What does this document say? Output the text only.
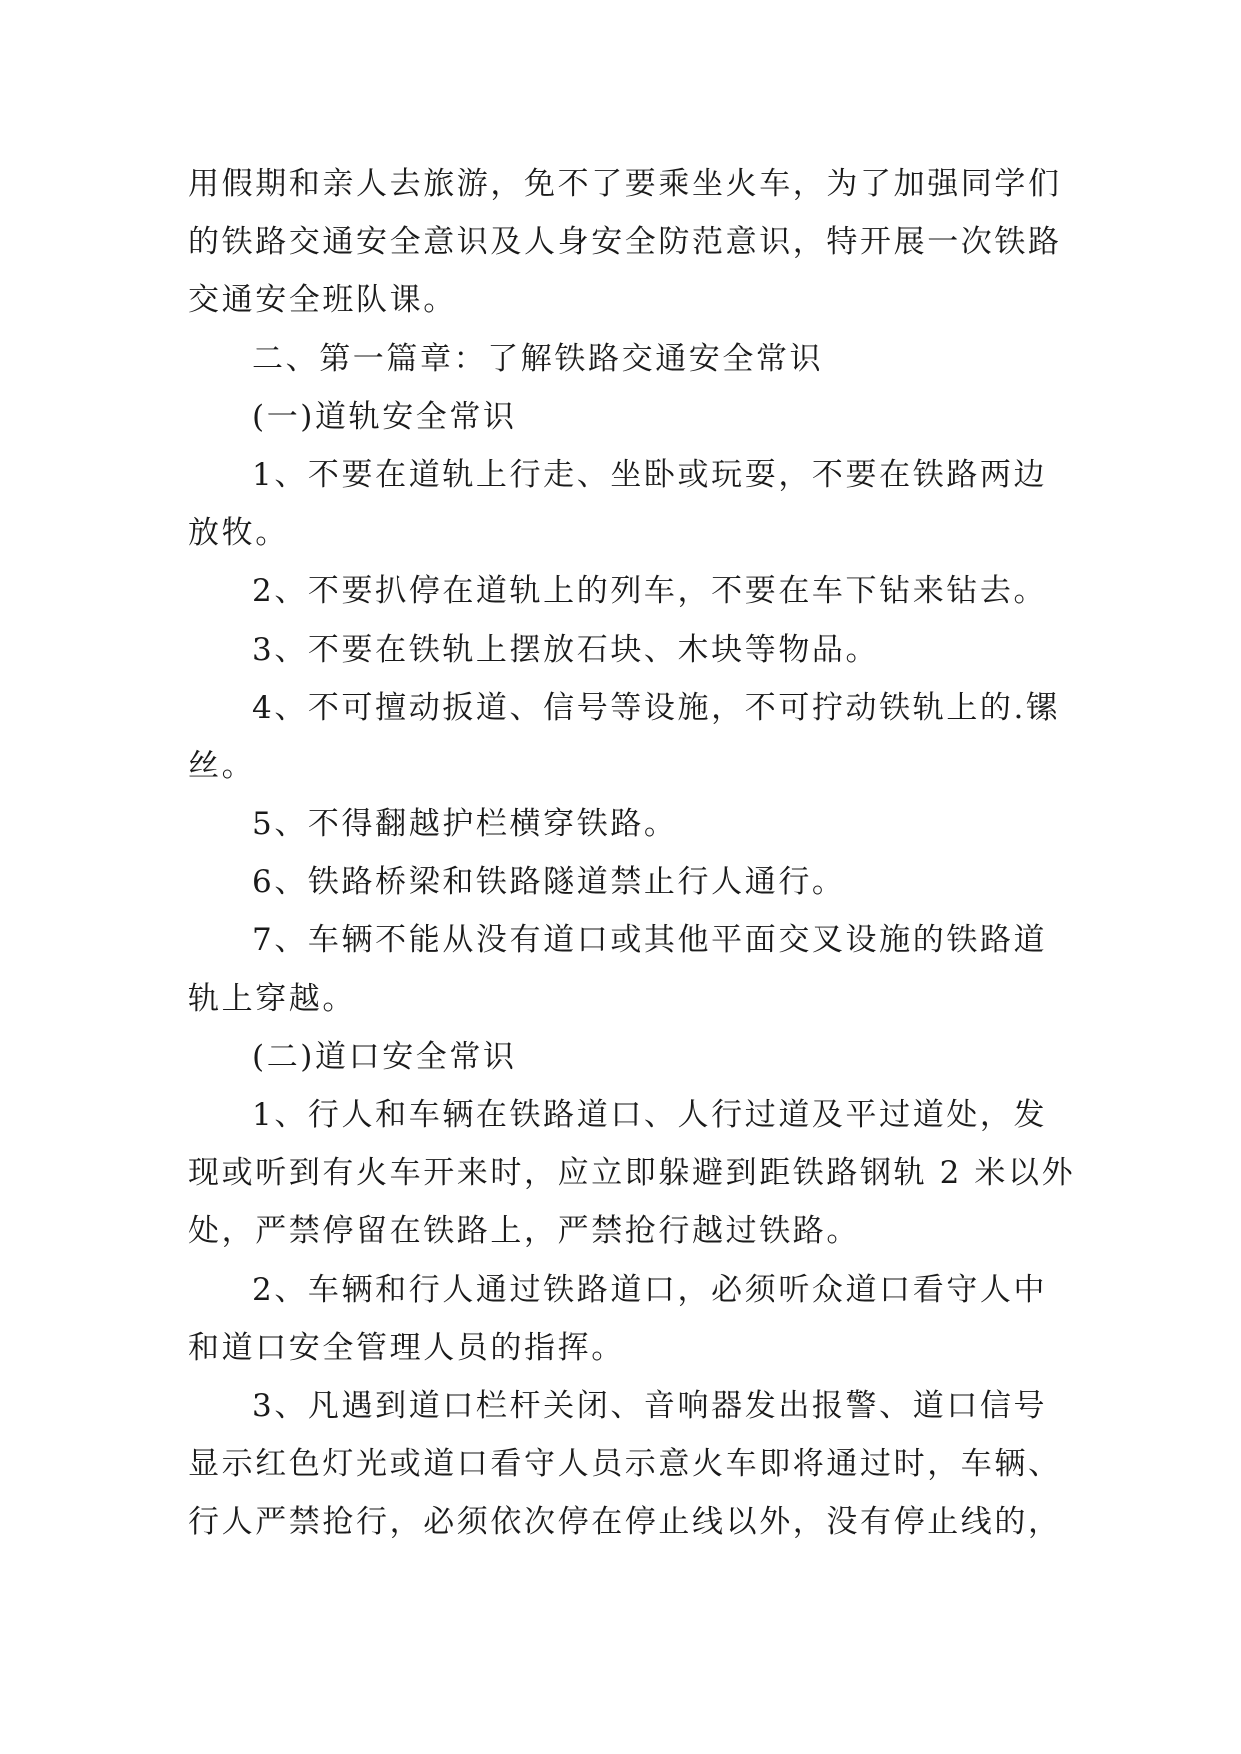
用假期和亲人去旅游，免不了要乘坐火车，为了加强同学们
的铁路交通安全意识及人身安全防范意识，特开展一次铁路
交通安全班队课。
二、第一篇章：了解铁路交通安全常识
(一)道轨安全常识
1、不要在道轨上行走、坐卧或玩耍，不要在铁路两边
放牧。
2、不要扒停在道轨上的列车，不要在车下钻来钻去。
3、不要在铁轨上摆放石块、木块等物品。
4、不可擅动扳道、信号等设施，不可拧动铁轨上的.镙
丝。
5、不得翻越护栏横穿铁路。
6、铁路桥梁和铁路隧道禁止行人通行。
7、车辆不能从没有道口或其他平面交叉设施的铁路道
轨上穿越。
(二)道口安全常识
1、行人和车辆在铁路道口、人行过道及平过道处，发
现或听到有火车开来时，应立即躲避到距铁路钢轨 2 米以外
处，严禁停留在铁路上，严禁抢行越过铁路。
2、车辆和行人通过铁路道口，必须听众道口看守人中
和道口安全管理人员的指挥。
3、凡遇到道口栏杆关闭、音响器发出报警、道口信号
显示红色灯光或道口看守人员示意火车即将通过时，车辆、
行人严禁抢行，必须依次停在停止线以外，没有停止线的，
